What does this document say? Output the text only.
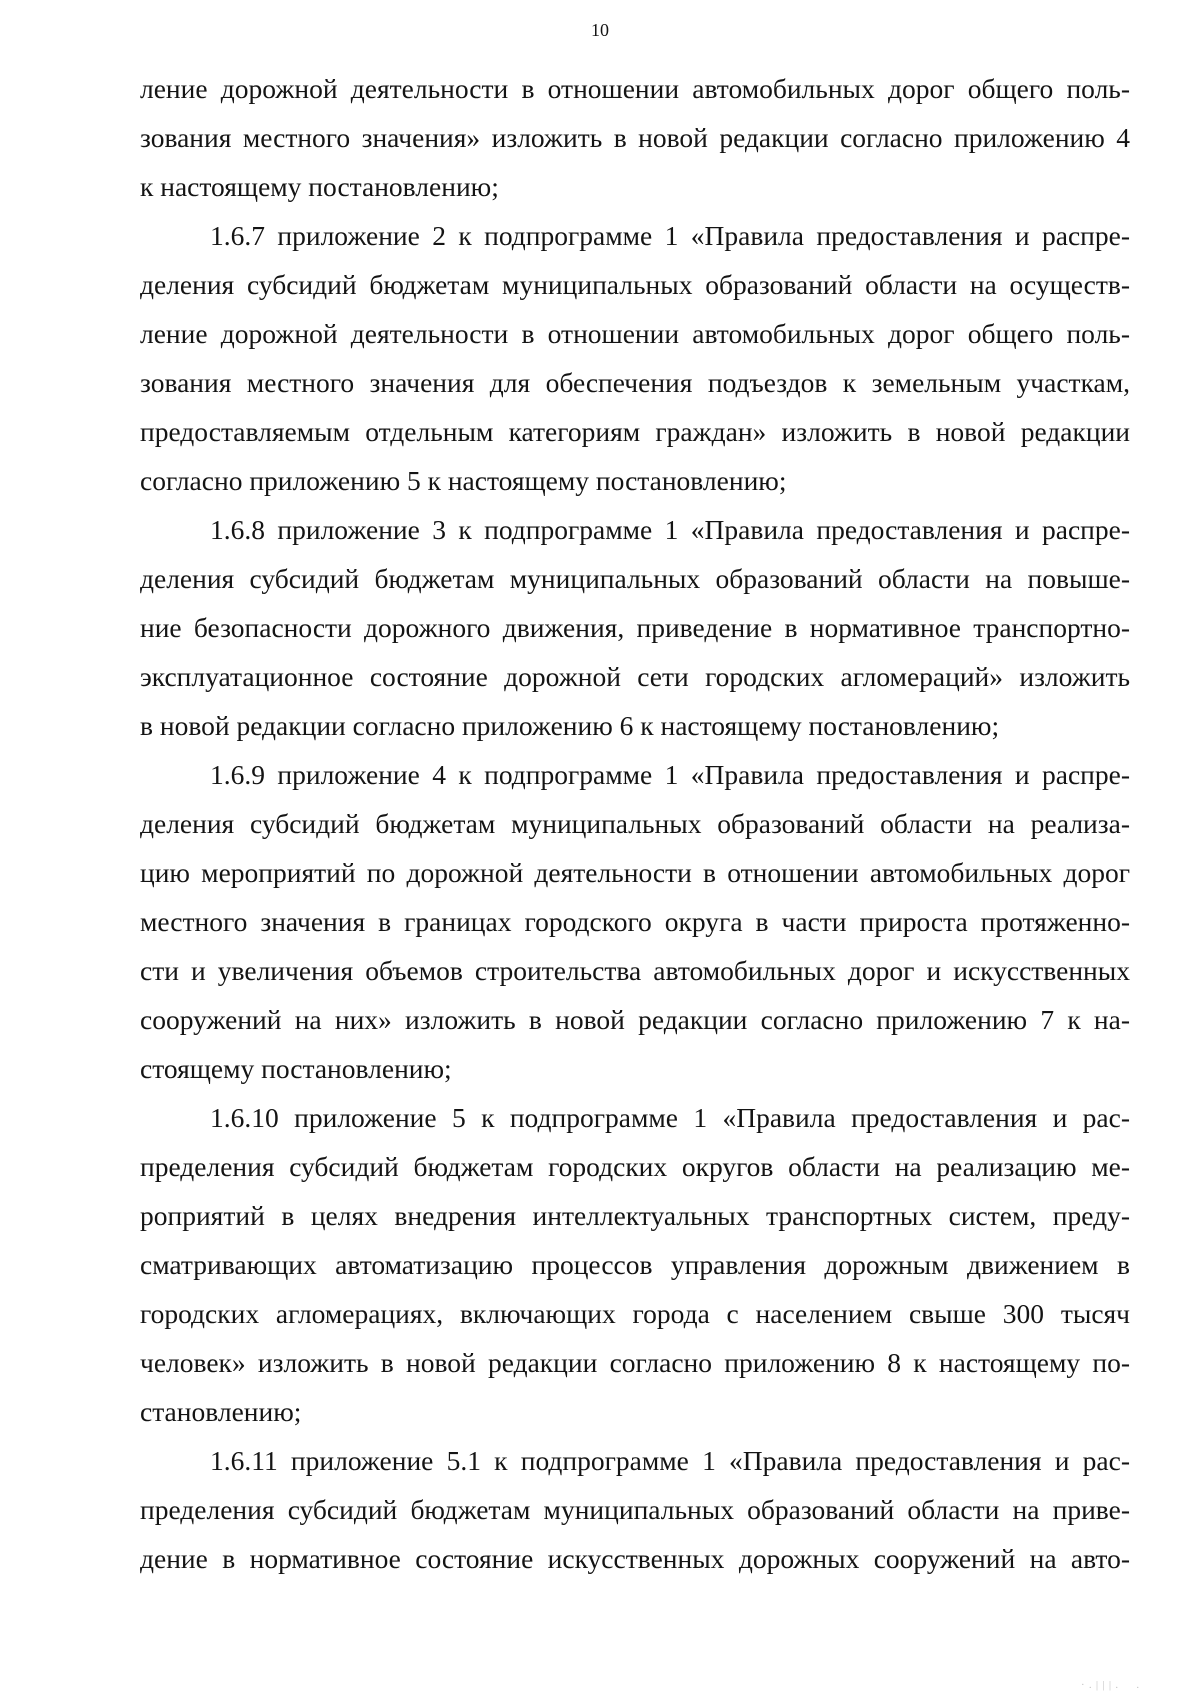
10
ление дорожной деятельности в отношении автомобильных дорог общего поль-
зования местного значения» изложить в новой редакции согласно приложению 4
к настоящему постановлению;
1.6.7 приложение 2 к подпрограмме 1 «Правила предоставления и распре-
деления субсидий бюджетам муниципальных образований области на осуществ-
ление дорожной деятельности в отношении автомобильных дорог общего поль-
зования местного значения для обеспечения подъездов к земельным участкам,
предоставляемым отдельным категориям граждан» изложить в новой редакции
согласно приложению 5 к настоящему постановлению;
1.6.8 приложение 3 к подпрограмме 1 «Правила предоставления и распре-
деления субсидий бюджетам муниципальных образований области на повыше-
ние безопасности дорожного движения, приведение в нормативное транспортно-
эксплуатационное состояние дорожной сети городских агломераций» изложить
в новой редакции согласно приложению 6 к настоящему постановлению;
1.6.9 приложение 4 к подпрограмме 1 «Правила предоставления и распре-
деления субсидий бюджетам муниципальных образований области на реализа-
цию мероприятий по дорожной деятельности в отношении автомобильных дорог
местного значения в границах городского округа в части прироста протяженно-
сти и увеличения объемов строительства автомобильных дорог и искусственных
сооружений на них» изложить в новой редакции согласно приложению 7 к на-
стоящему постановлению;
1.6.10 приложение 5 к подпрограмме 1 «Правила предоставления и рас-
пределения субсидий бюджетам городских округов области на реализацию ме-
роприятий в целях внедрения интеллектуальных транспортных систем, преду-
сматривающих автоматизацию процессов управления дорожным движением в
городских агломерациях, включающих города с населением свыше 300 тысяч
человек» изложить в новой редакции согласно приложению 8 к настоящему по-
становлению;
1.6.11 приложение 5.1 к подпрограмме 1 «Правила предоставления и рас-
пределения субсидий бюджетам муниципальных образований области на приве-
дение в нормативное состояние искусственных дорожных сооружений на авто-
· . | | | .     .
